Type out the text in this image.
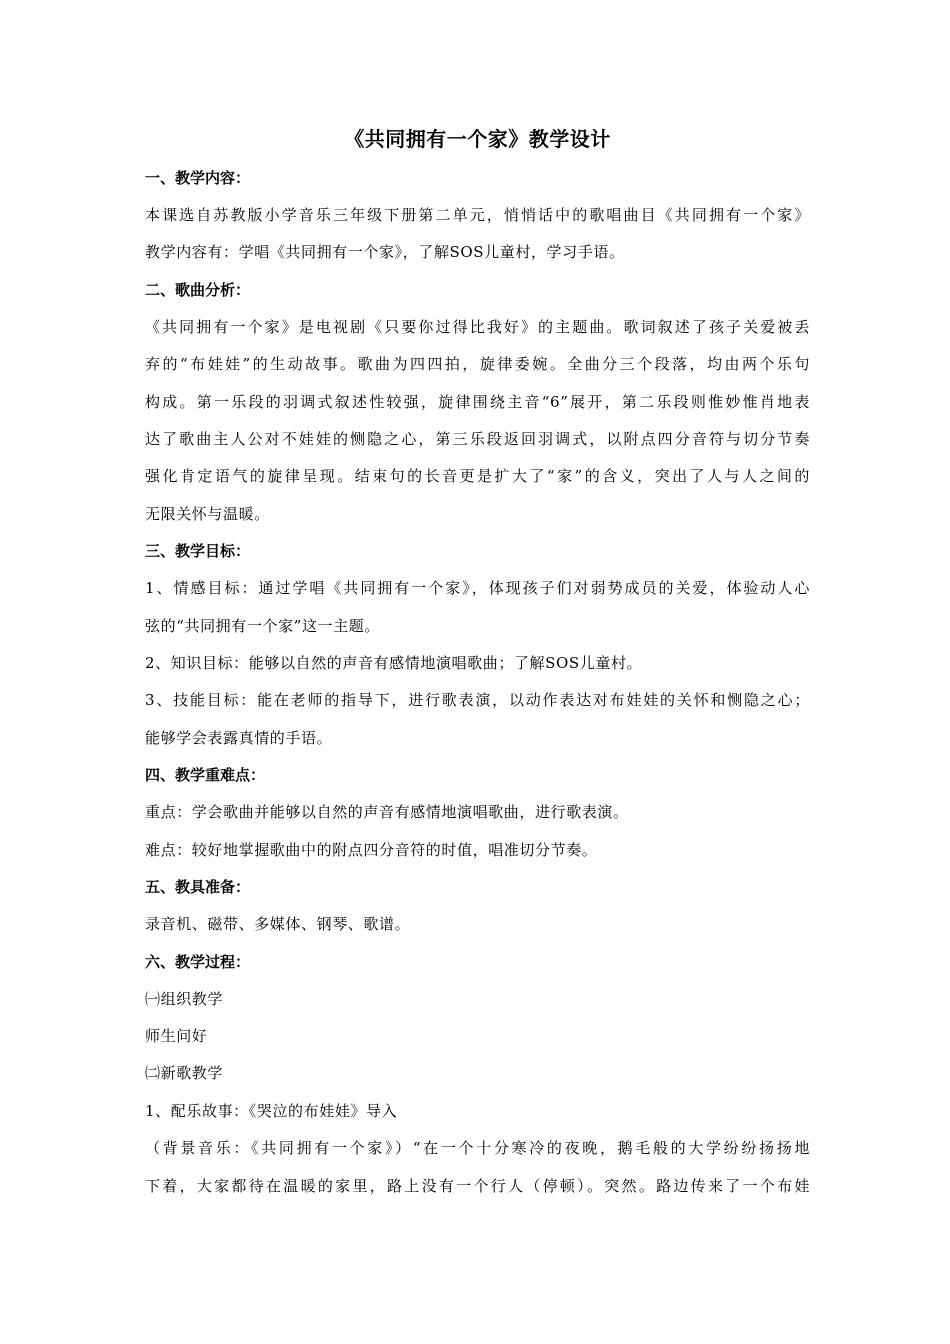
《共同拥有一个家》教学设计
一、教学内容：
本课选自苏教版小学音乐三年级下册第二单元，悄悄话中的歌唱曲目《共同拥有一个家》
教学内容有：学唱《共同拥有一个家》，了解SOS儿童村，学习手语。
二、歌曲分析：
《共同拥有一个家》是电视剧《只要你过得比我好》的主题曲。歌词叙述了孩子关爱被丢
弃的“布娃娃”的生动故事。歌曲为四四拍，旋律委婉。全曲分三个段落，均由两个乐句
构成。第一乐段的羽调式叙述性较强，旋律围绕主音“6”展开，第二乐段则惟妙惟肖地表
达了歌曲主人公对不娃娃的恻隐之心，第三乐段返回羽调式，以附点四分音符与切分节奏
强化肯定语气的旋律呈现。结束句的长音更是扩大了“家”的含义，突出了人与人之间的
无限关怀与温暖。
三、教学目标：
1、情感目标：通过学唱《共同拥有一个家》，体现孩子们对弱势成员的关爱，体验动人心
弦的“共同拥有一个家”这一主题。
2、知识目标：能够以自然的声音有感情地演唱歌曲；了解SOS儿童村。
3、技能目标：能在老师的指导下，进行歌表演，以动作表达对布娃娃的关怀和恻隐之心；
能够学会表露真情的手语。
四、教学重难点：
重点：学会歌曲并能够以自然的声音有感情地演唱歌曲，进行歌表演。
难点：较好地掌握歌曲中的附点四分音符的时值，唱准切分节奏。
五、教具准备：
录音机、磁带、多媒体、钢琴、歌谱。
六、教学过程：
㈠组织教学
师生问好
㈡新歌教学
1、配乐故事：《哭泣的布娃娃》导入
（背景音乐：《共同拥有一个家》）“在一个十分寒冷的夜晚，鹅毛般的大学纷纷扬扬地
下着，大家都待在温暖的家里，路上没有一个行人（停顿）。突然。路边传来了一个布娃
